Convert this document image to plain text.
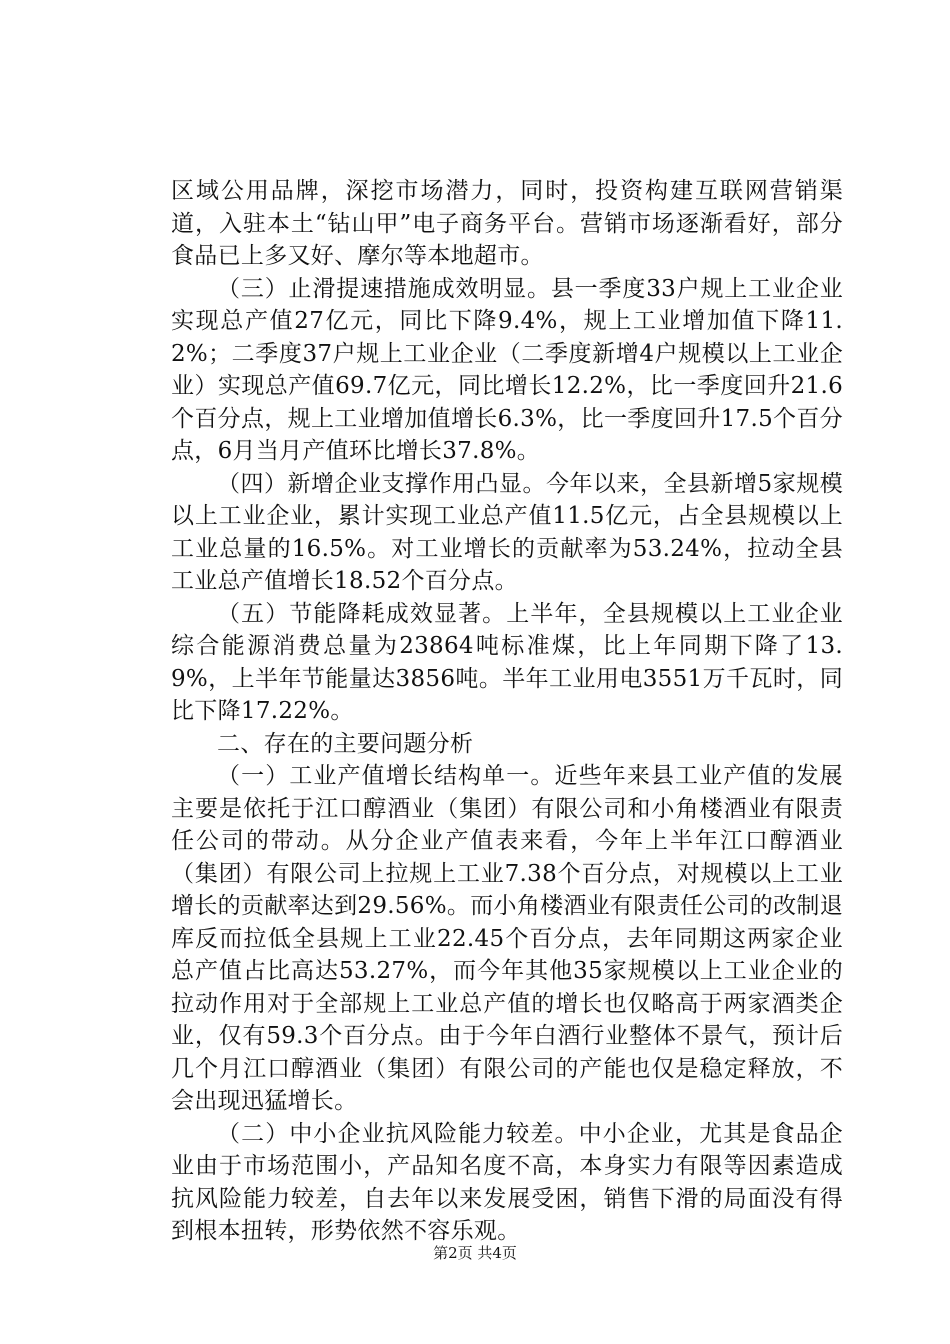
区域公用品牌，深挖市场潜力，同时，投资构建互联网营销渠道，入驻本土“钻山甲”电子商务平台。营销市场逐渐看好，部分食品已上多又好、摩尔等本地超市。

（三）止滑提速措施成效明显。县一季度33户规上工业企业实现总产值27亿元，同比下降9.4%，规上工业增加值下降11.2%；二季度37户规上工业企业（二季度新增4户规模以上工业企业）实现总产值69.7亿元，同比增长12.2%，比一季度回升21.6个百分点，规上工业增加值增长6.3%，比一季度回升17.5个百分点，6月当月产值环比增长37.8%。

（四）新增企业支撑作用凸显。今年以来，全县新增5家规模以上工业企业，累计实现工业总产值11.5亿元，占全县规模以上工业总量的16.5%。对工业增长的贡献率为53.24%，拉动全县工业总产值增长18.52个百分点。

（五）节能降耗成效显著。上半年，全县规模以上工业企业综合能源消费总量为23864吨标准煤，比上年同期下降了13.9%，上半年节能量达3856吨。半年工业用电3551万千瓦时，同比下降17.22%。

二、存在的主要问题分析

（一）工业产值增长结构单一。近些年来县工业产值的发展主要是依托于江口醇酒业（集团）有限公司和小角楼酒业有限责任公司的带动。从分企业产值表来看，今年上半年江口醇酒业（集团）有限公司上拉规上工业7.38个百分点，对规模以上工业增长的贡献率达到29.56%。而小角楼酒业有限责任公司的改制退库反而拉低全县规上工业22.45个百分点，去年同期这两家企业总产值占比高达53.27%，而今年其他35家规模以上工业企业的拉动作用对于全部规上工业总产值的增长也仅略高于两家酒类企业，仅有59.3个百分点。由于今年白酒行业整体不景气，预计后几个月江口醇酒业（集团）有限公司的产能也仅是稳定释放，不会出现迅猛增长。

（二）中小企业抗风险能力较差。中小企业，尤其是食品企业由于市场范围小，产品知名度不高，本身实力有限等因素造成抗风险能力较差，自去年以来发展受困，销售下滑的局面没有得到根本扭转，形势依然不容乐观。

第2页 共4页
